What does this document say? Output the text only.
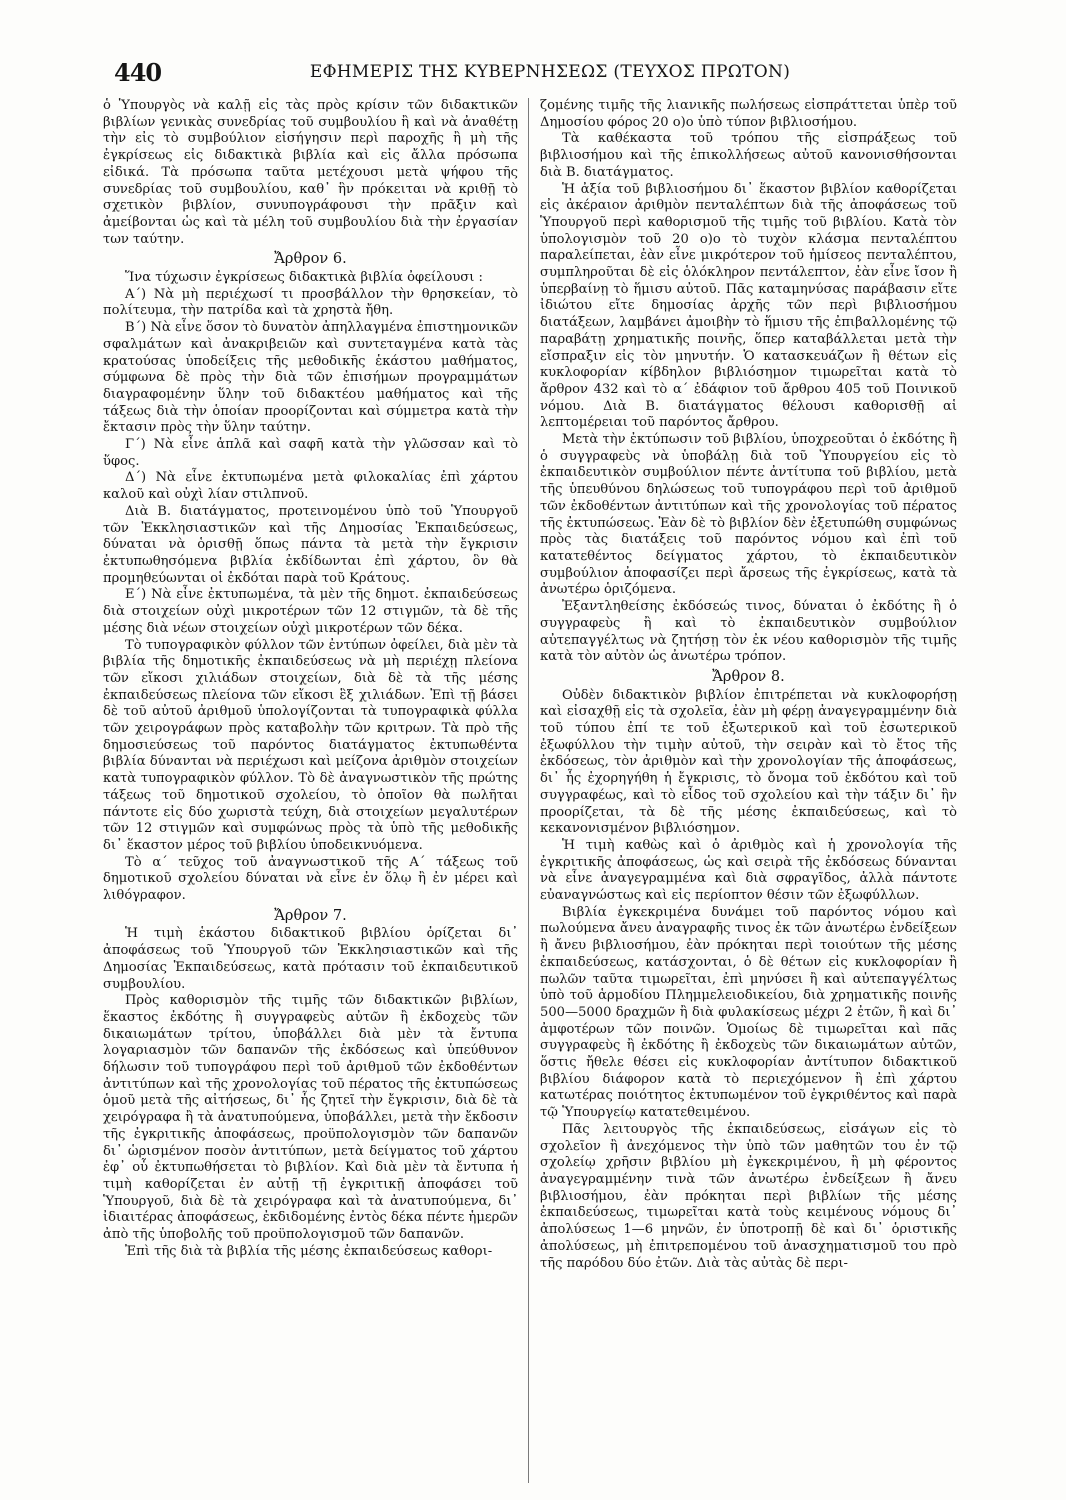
440	ΕΦΗΜΕΡΙΣ ΤΗΣ ΚΥΒΕΡΝΗΣΕΩΣ (ΤΕΥΧΟΣ ΠΡΩΤΟΝ)

ὁ Ὑπουργὸς νὰ καλῇ εἰς τὰς πρὸς κρίσιν τῶν διδακτικῶν βιβλίων γενικὰς συνεδρίας τοῦ συμβουλίου ἢ καὶ νὰ ἀναθέτῃ τὴν εἰς τὸ συμβούλιον εἰσήγησιν περὶ παροχῆς ἢ μὴ τῆς ἐγκρίσεως εἰς διδακτικὰ βιβλία καὶ εἰς ἄλλα πρόσωπα εἰδικά. Τὰ πρόσωπα ταῦτα μετέχουσι μετὰ ψήφου τῆς συνεδρίας τοῦ συμβουλίου, καθ᾽ ἣν πρόκειται νὰ κριθῇ τὸ σχετικὸν βιβλίον, συνυπογράφουσι τὴν πρᾶξιν καὶ ἀμείβονται ὡς καὶ τὰ μέλη τοῦ συμβουλίου διὰ τὴν ἐργασίαν των ταύτην.

Ἄρθρον 6.

Ἵνα τύχωσιν ἐγκρίσεως διδακτικὰ βιβλία ὀφείλουσι :

Α΄) Νὰ μὴ περιέχωσί τι προσβάλλον τὴν θρησκείαν, τὸ πολίτευμα, τὴν πατρίδα καὶ τὰ χρηστὰ ἤθη.

Β΄) Νὰ εἶνε ὅσον τὸ δυνατὸν ἀπηλλαγμένα ἐπιστημονικῶν σφαλμάτων καὶ ἀνακριβειῶν καὶ συντεταγμένα κατὰ τὰς κρατούσας ὑποδείξεις τῆς μεθοδικῆς ἑκάστου μαθήματος, σύμφωνα δὲ πρὸς τὴν διὰ τῶν ἐπισήμων προγραμμάτων διαγραφομένην ὕλην τοῦ διδακτέου μαθήματος καὶ τῆς τάξεως διὰ τὴν ὁποίαν προορίζονται καὶ σύμμετρα κατὰ τὴν ἔκτασιν πρὸς τὴν ὕλην ταύτην.

Γ΄) Νὰ εἶνε ἁπλᾶ καὶ σαφῆ κατὰ τὴν γλῶσσαν καὶ τὸ ὕφος.

Δ΄) Νὰ εἶνε ἐκτυπωμένα μετὰ φιλοκαλίας ἐπὶ χάρτου καλοῦ καὶ οὐχὶ λίαν στιλπνοῦ.

Διὰ Β. διατάγματος, προτεινομένου ὑπὸ τοῦ Ὑπουργοῦ τῶν Ἐκκλησιαστικῶν καὶ τῆς Δημοσίας Ἐκπαιδεύσεως, δύναται νὰ ὁρισθῇ ὅπως πάντα τὰ μετὰ τὴν ἔγκρισιν ἐκτυπωθησόμενα βιβλία ἐκδίδωνται ἐπὶ χάρτου, ὃν θὰ προμηθεύωνται οἱ ἐκδόται παρὰ τοῦ Κράτους.

Ε΄) Νὰ εἶνε ἐκτυπωμένα, τὰ μὲν τῆς δημοτ. ἐκπαιδεύσεως διὰ στοιχείων οὐχὶ μικροτέρων τῶν 12 στιγμῶν, τὰ δὲ τῆς μέσης διὰ νέων στοιχείων οὐχὶ μικροτέρων τῶν δέκα.

Τὸ τυπογραφικὸν φύλλον τῶν ἐντύπων ὀφείλει, διὰ μὲν τὰ βιβλία τῆς δημοτικῆς ἐκπαιδεύσεως νὰ μὴ περιέχῃ πλείονα τῶν εἴκοσι χιλιάδων στοιχείων, διὰ δὲ τὰ τῆς μέσης ἐκπαιδεύσεως πλείονα τῶν εἴκοσι ἓξ χιλιάδων. Ἐπὶ τῇ βάσει δὲ τοῦ αὐτοῦ ἀριθμοῦ ὑπολογίζονται τὰ τυπογραφικὰ φύλλα τῶν χειρογράφων πρὸς καταβολὴν τῶν κριτρων. Τὰ πρὸ τῆς δημοσιεύσεως τοῦ παρόντος διατάγματος ἐκτυπωθέντα βιβλία δύνανται νὰ περιέχωσι καὶ μείζονα ἀριθμὸν στοιχείων κατὰ τυπογραφικὸν φύλλον. Τὸ δὲ ἀναγνωστικὸν τῆς πρώτης τάξεως τοῦ δημοτικοῦ σχολείου, τὸ ὁποῖον θὰ πωλῆται πάντοτε εἰς δύο χωριστὰ τεύχη, διὰ στοιχείων μεγαλυτέρων τῶν 12 στιγμῶν καὶ συμφώνως πρὸς τὰ ὑπὸ τῆς μεθοδικῆς δι᾽ ἕκαστον μέρος τοῦ βιβλίου ὑποδεικνυόμενα.

Τὸ α΄ τεῦχος τοῦ ἀναγνωστικοῦ τῆς Α΄ τάξεως τοῦ δημοτικοῦ σχολείου δύναται νὰ εἶνε ἐν ὅλῳ ἢ ἐν μέρει καὶ λιθόγραφον.

Ἄρθρον 7.

Ἡ τιμὴ ἑκάστου διδακτικοῦ βιβλίου ὁρίζεται δι᾽ ἀποφάσεως τοῦ Ὑπουργοῦ τῶν Ἐκκλησιαστικῶν καὶ τῆς Δημοσίας Ἐκπαιδεύσεως, κατὰ πρότασιν τοῦ ἐκπαιδευτικοῦ συμβουλίου.

Πρὸς καθορισμὸν τῆς τιμῆς τῶν διδακτικῶν βιβλίων, ἕκαστος ἐκδότης ἢ συγγραφεὺς αὐτῶν ἢ ἐκδοχεὺς τῶν δικαιωμάτων τρίτου, ὑποβάλλει διὰ μὲν τὰ ἔντυπα λογαριασμὸν τῶν δαπανῶν τῆς ἐκδόσεως καὶ ὑπεύθυνον δήλωσιν τοῦ τυπογράφου περὶ τοῦ ἀριθμοῦ τῶν ἐκδοθέντων ἀντιτύπων καὶ τῆς χρονολογίας τοῦ πέρατος τῆς ἐκτυπώσεως ὁμοῦ μετὰ τῆς αἰτήσεως, δι᾽ ἧς ζητεῖ τὴν ἔγκρισιν, διὰ δὲ τὰ χειρόγραφα ἢ τὰ ἀνατυπούμενα, ὑποβάλλει, μετὰ τὴν ἔκδοσιν τῆς ἐγκριτικῆς ἀποφάσεως, προϋπολογισμὸν τῶν δαπανῶν δι᾽ ὡρισμένον ποσὸν ἀντιτύπων, μετὰ δείγματος τοῦ χάρτου ἐφ᾽ οὗ ἐκτυπωθήσεται τὸ βιβλίον. Καὶ διὰ μὲν τὰ ἔντυπα ἡ τιμὴ καθορίζεται ἐν αὐτῇ τῇ ἐγκριτικῇ ἀποφάσει τοῦ Ὑπουργοῦ, διὰ δὲ τὰ χειρόγραφα καὶ τὰ ἀνατυπούμενα, δι᾽ ἰδιαιτέρας ἀποφάσεως, ἐκδιδομένης ἐντὸς δέκα πέντε ἡμερῶν ἀπὸ τῆς ὑποβολῆς τοῦ προϋπολογισμοῦ τῶν δαπανῶν.

Ἐπὶ τῆς διὰ τὰ βιβλία τῆς μέσης ἐκπαιδεύσεως καθορι-

ζομένης τιμῆς τῆς λιανικῆς πωλήσεως εἰσπράττεται ὑπὲρ τοῦ Δημοσίου φόρος 20 ο)ο ὑπὸ τύπον βιβλιοσήμου.

Τὰ καθέκαστα τοῦ τρόπου τῆς εἰσπράξεως τοῦ βιβλιοσήμου καὶ τῆς ἐπικολλήσεως αὐτοῦ κανονισθήσονται διὰ Β. διατάγματος.

Ἡ ἀξία τοῦ βιβλιοσήμου δι᾽ ἕκαστον βιβλίον καθορίζεται εἰς ἀκέραιον ἀριθμὸν πενταλέπτων διὰ τῆς ἀποφάσεως τοῦ Ὑπουργοῦ περὶ καθορισμοῦ τῆς τιμῆς τοῦ βιβλίου. Κατὰ τὸν ὑπολογισμὸν τοῦ 20 ο)ο τὸ τυχὸν κλάσμα πενταλέπτου παραλείπεται, ἐὰν εἶνε μικρότερον τοῦ ἡμίσεος πενταλέπτου, συμπληροῦται δὲ εἰς ὁλόκληρον πεντάλεπτον, ἐὰν εἶνε ἴσον ἢ ὑπερβαίνῃ τὸ ἥμισυ αὐτοῦ. Πᾶς καταμηνύσας παράβασιν εἴτε ἰδιώτου εἴτε δημοσίας ἀρχῆς τῶν περὶ βιβλιοσήμου διατάξεων, λαμβάνει ἀμοιβὴν τὸ ἥμισυ τῆς ἐπιβαλλομένης τῷ παραβάτῃ χρηματικῆς ποινῆς, ὅπερ καταβάλλεται μετὰ τὴν εἴσπραξιν εἰς τὸν μηνυτήν. Ὁ κατασκευάζων ἢ θέτων εἰς κυκλοφορίαν κίβδηλον βιβλιόσημον τιμωρεῖται κατὰ τὸ ἄρθρον 432 καὶ τὸ α΄ ἐδάφιον τοῦ ἄρθρου 405 τοῦ Ποινικοῦ νόμου. Διὰ Β. διατάγματος θέλουσι καθορισθῇ αἱ λεπτομέρειαι τοῦ παρόντος ἄρθρου.

Μετὰ τὴν ἐκτύπωσιν τοῦ βιβλίου, ὑποχρεοῦται ὁ ἐκδότης ἢ ὁ συγγραφεὺς νὰ ὑποβάλῃ διὰ τοῦ Ὑπουργείου εἰς τὸ ἐκπαιδευτικὸν συμβούλιον πέντε ἀντίτυπα τοῦ βιβλίου, μετὰ τῆς ὑπευθύνου δηλώσεως τοῦ τυπογράφου περὶ τοῦ ἀριθμοῦ τῶν ἐκδοθέντων ἀντιτύπων καὶ τῆς χρονολογίας τοῦ πέρατος τῆς ἐκτυπώσεως. Ἐὰν δὲ τὸ βιβλίον δὲν ἐξετυπώθη συμφώνως πρὸς τὰς διατάξεις τοῦ παρόντος νόμου καὶ ἐπὶ τοῦ κατατεθέντος δείγματος χάρτου, τὸ ἐκπαιδευτικὸν συμβούλιον ἀποφασίζει περὶ ἄρσεως τῆς ἐγκρίσεως, κατὰ τὰ ἀνωτέρω ὁριζόμενα.

Ἐξαντληθείσης ἐκδόσεώς τινος, δύναται ὁ ἐκδότης ἢ ὁ συγγραφεὺς ἢ καὶ τὸ ἐκπαιδευτικὸν συμβούλιον αὐτεπαγγέλτως νὰ ζητήσῃ τὸν ἐκ νέου καθορισμὸν τῆς τιμῆς κατὰ τὸν αὐτὸν ὡς ἀνωτέρω τρόπον.

Ἄρθρον 8.

Οὐδὲν διδακτικὸν βιβλίον ἐπιτρέπεται νὰ κυκλοφορήσῃ καὶ εἰσαχθῇ εἰς τὰ σχολεῖα, ἐὰν μὴ φέρῃ ἀναγεγραμμένην διὰ τοῦ τύπου ἐπί τε τοῦ ἐξωτερικοῦ καὶ τοῦ ἐσωτερικοῦ ἐξωφύλλου τὴν τιμὴν αὐτοῦ, τὴν σειρὰν καὶ τὸ ἔτος τῆς ἐκδόσεως, τὸν ἀριθμὸν καὶ τὴν χρονολογίαν τῆς ἀποφάσεως, δι᾽ ἧς ἐχορηγήθη ἡ ἔγκρισις, τὸ ὄνομα τοῦ ἐκδότου καὶ τοῦ συγγραφέως, καὶ τὸ εἶδος τοῦ σχολείου καὶ τὴν τάξιν δι᾽ ἣν προορίζεται, τὰ δὲ τῆς μέσης ἐκπαιδεύσεως, καὶ τὸ κεκανονισμένον βιβλιόσημον.

Ἡ τιμὴ καθὼς καὶ ὁ ἀριθμὸς καὶ ἡ χρονολογία τῆς ἐγκριτικῆς ἀποφάσεως, ὡς καὶ σειρὰ τῆς ἐκδόσεως δύνανται νὰ εἶνε ἀναγεγραμμένα καὶ διὰ σφραγῖδος, ἀλλὰ πάντοτε εὐαναγνώστως καὶ εἰς περίοπτον θέσιν τῶν ἐξωφύλλων.

Βιβλία ἐγκεκριμένα δυνάμει τοῦ παρόντος νόμου καὶ πωλούμενα ἄνευ ἀναγραφῆς τινος ἐκ τῶν ἀνωτέρω ἐνδείξεων ἢ ἄνευ βιβλιοσήμου, ἐὰν πρόκηται περὶ τοιούτων τῆς μέσης ἐκπαιδεύσεως, κατάσχονται, ὁ δὲ θέτων εἰς κυκλοφορίαν ἢ πωλῶν ταῦτα τιμωρεῖται, ἐπὶ μηνύσει ἢ καὶ αὐτεπαγγέλτως ὑπὸ τοῦ ἁρμοδίου Πλημμελειοδικείου, διὰ χρηματικῆς ποινῆς 500—5000 δραχμῶν ἢ διὰ φυλακίσεως μέχρι 2 ἐτῶν, ἢ καὶ δι᾽ ἀμφοτέρων τῶν ποινῶν. Ὁμοίως δὲ τιμωρεῖται καὶ πᾶς συγγραφεὺς ἢ ἐκδότης ἢ ἐκδοχεὺς τῶν δικαιωμάτων αὐτῶν, ὅστις ἤθελε θέσει εἰς κυκλοφορίαν ἀντίτυπον διδακτικοῦ βιβλίου διάφορον κατὰ τὸ περιεχόμενον ἢ ἐπὶ χάρτου κατωτέρας ποιότητος ἐκτυπωμένον τοῦ ἐγκριθέντος καὶ παρὰ τῷ Ὑπουργείῳ κατατεθειμένου.

Πᾶς λειτουργὸς τῆς ἐκπαιδεύσεως, εἰσάγων εἰς τὸ σχολεῖον ἢ ἀνεχόμενος τὴν ὑπὸ τῶν μαθητῶν του ἐν τῷ σχολείῳ χρῆσιν βιβλίου μὴ ἐγκεκριμένου, ἢ μὴ φέροντος ἀναγεγραμμένην τινὰ τῶν ἀνωτέρω ἐνδείξεων ἢ ἄνευ βιβλιοσήμου, ἐὰν πρόκηται περὶ βιβλίων τῆς μέσης ἐκπαιδεύσεως, τιμωρεῖται κατὰ τοὺς κειμένους νόμους δι᾽ ἀπολύσεως 1—6 μηνῶν, ἐν ὑποτροπῇ δὲ καὶ δι᾽ ὁριστικῆς ἀπολύσεως, μὴ ἐπιτρεπομένου τοῦ ἀνασχηματισμοῦ του πρὸ τῆς παρόδου δύο ἐτῶν. Διὰ τὰς αὐτὰς δὲ περι-
